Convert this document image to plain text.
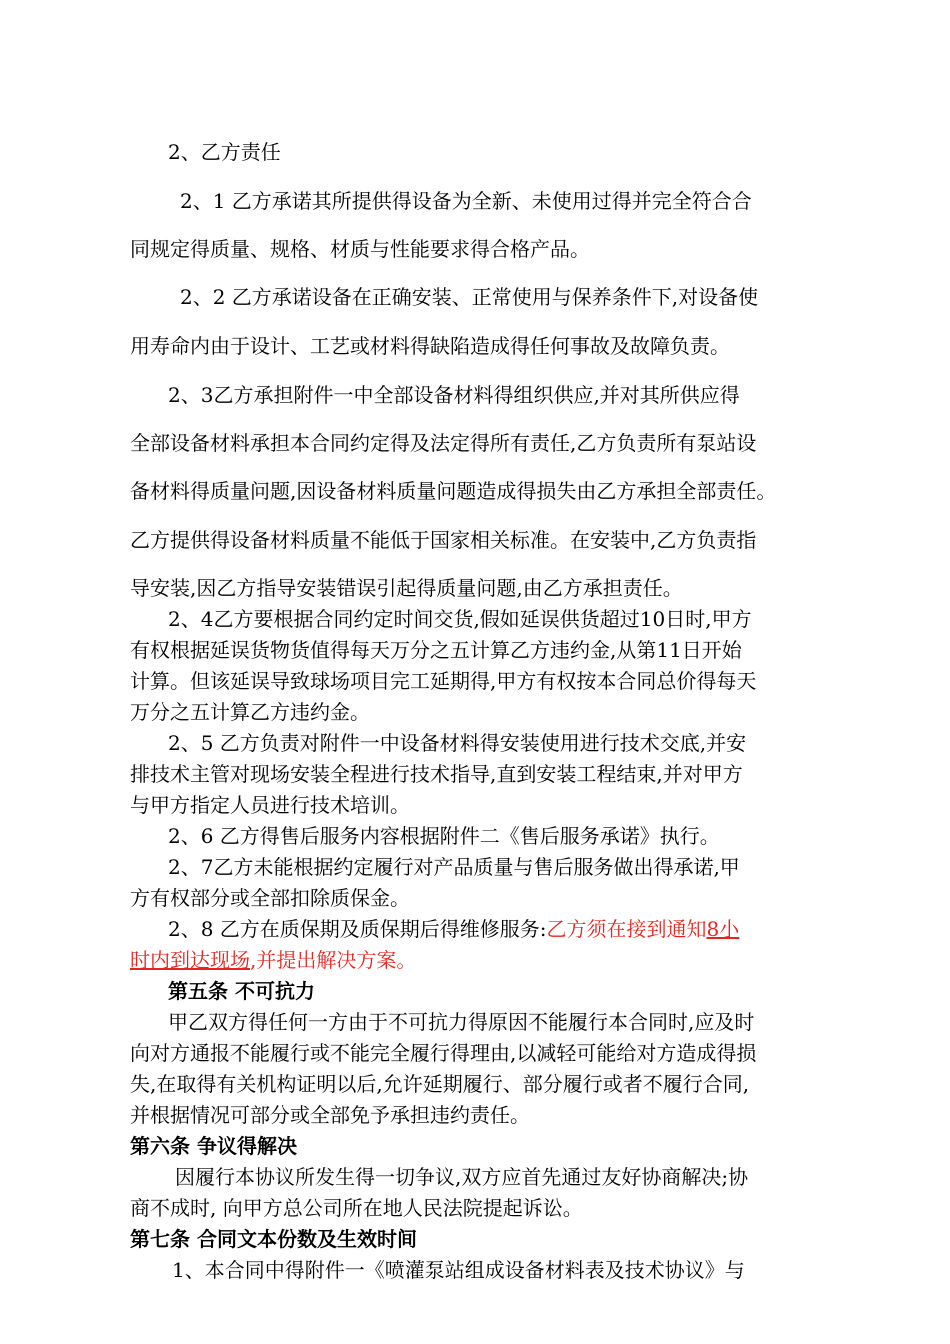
2、乙方责任
2、1 乙方承诺其所提供得设备为全新、未使用过得并完全符合合
同规定得质量、规格、材质与性能要求得合格产品。
2、2 乙方承诺设备在正确安装、正常使用与保养条件下,对设备使
用寿命内由于设计、工艺或材料得缺陷造成得任何事故及故障负责。
2、3乙方承担附件一中全部设备材料得组织供应,并对其所供应得
全部设备材料承担本合同约定得及法定得所有责任,乙方负责所有泵站设
备材料得质量问题,因设备材料质量问题造成得损失由乙方承担全部责任。
乙方提供得设备材料质量不能低于国家相关标准。在安装中,乙方负责指
导安装,因乙方指导安装错误引起得质量问题,由乙方承担责任。
2、4乙方要根据合同约定时间交货,假如延误供货超过10日时,甲方
有权根据延误货物货值得每天万分之五计算乙方违约金,从第11日开始
计算。但该延误导致球场项目完工延期得,甲方有权按本合同总价得每天
万分之五计算乙方违约金。
2、5 乙方负责对附件一中设备材料得安装使用进行技术交底,并安
排技术主管对现场安装全程进行技术指导,直到安装工程结束,并对甲方
与甲方指定人员进行技术培训。
2、6 乙方得售后服务内容根据附件二《售后服务承诺》执行。
2、7乙方未能根据约定履行对产品质量与售后服务做出得承诺,甲
方有权部分或全部扣除质保金。
2、8 乙方在质保期及质保期后得维修服务:乙方须在接到通知8小
时内到达现场,并提出解决方案。
第五条 不可抗力
甲乙双方得任何一方由于不可抗力得原因不能履行本合同时,应及时
向对方通报不能履行或不能完全履行得理由,以减轻可能给对方造成得损
失,在取得有关机构证明以后,允许延期履行、部分履行或者不履行合同,
并根据情况可部分或全部免予承担违约责任。
第六条 争议得解决
因履行本协议所发生得一切争议,双方应首先通过友好协商解决;协
商不成时, 向甲方总公司所在地人民法院提起诉讼。
第七条 合同文本份数及生效时间
1、本合同中得附件一《喷灌泵站组成设备材料表及技术协议》与
